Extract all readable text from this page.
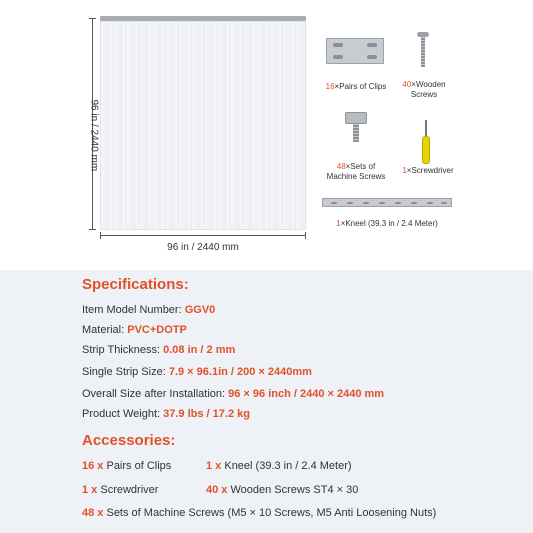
96 in / 2440 mm
96 in / 2440 mm
16×Pairs of Clips	40×Wooden
Screws
48×Sets of
Machine Screws
1×Screwdriver
1×Kneel (39.3 in / 2.4 Meter)
Specifications:
Item Model Number: GGV0
Material: PVC+DOTP
Strip Thickness: 0.08 in / 2 mm
Single Strip Size: 7.9 × 96.1in / 200 × 2440mm
Overall Size after Installation: 96 × 96 inch / 2440 × 2440 mm
Product Weight: 37.9 lbs / 17.2 kg
Accessories:
16 x Pairs of Clips	1 x Kneel (39.3 in / 2.4 Meter)
1 x Screwdriver	40 x Wooden Screws ST4 × 30
48 x Sets of Machine Screws (M5 × 10 Screws, M5 Anti Loosening Nuts)
